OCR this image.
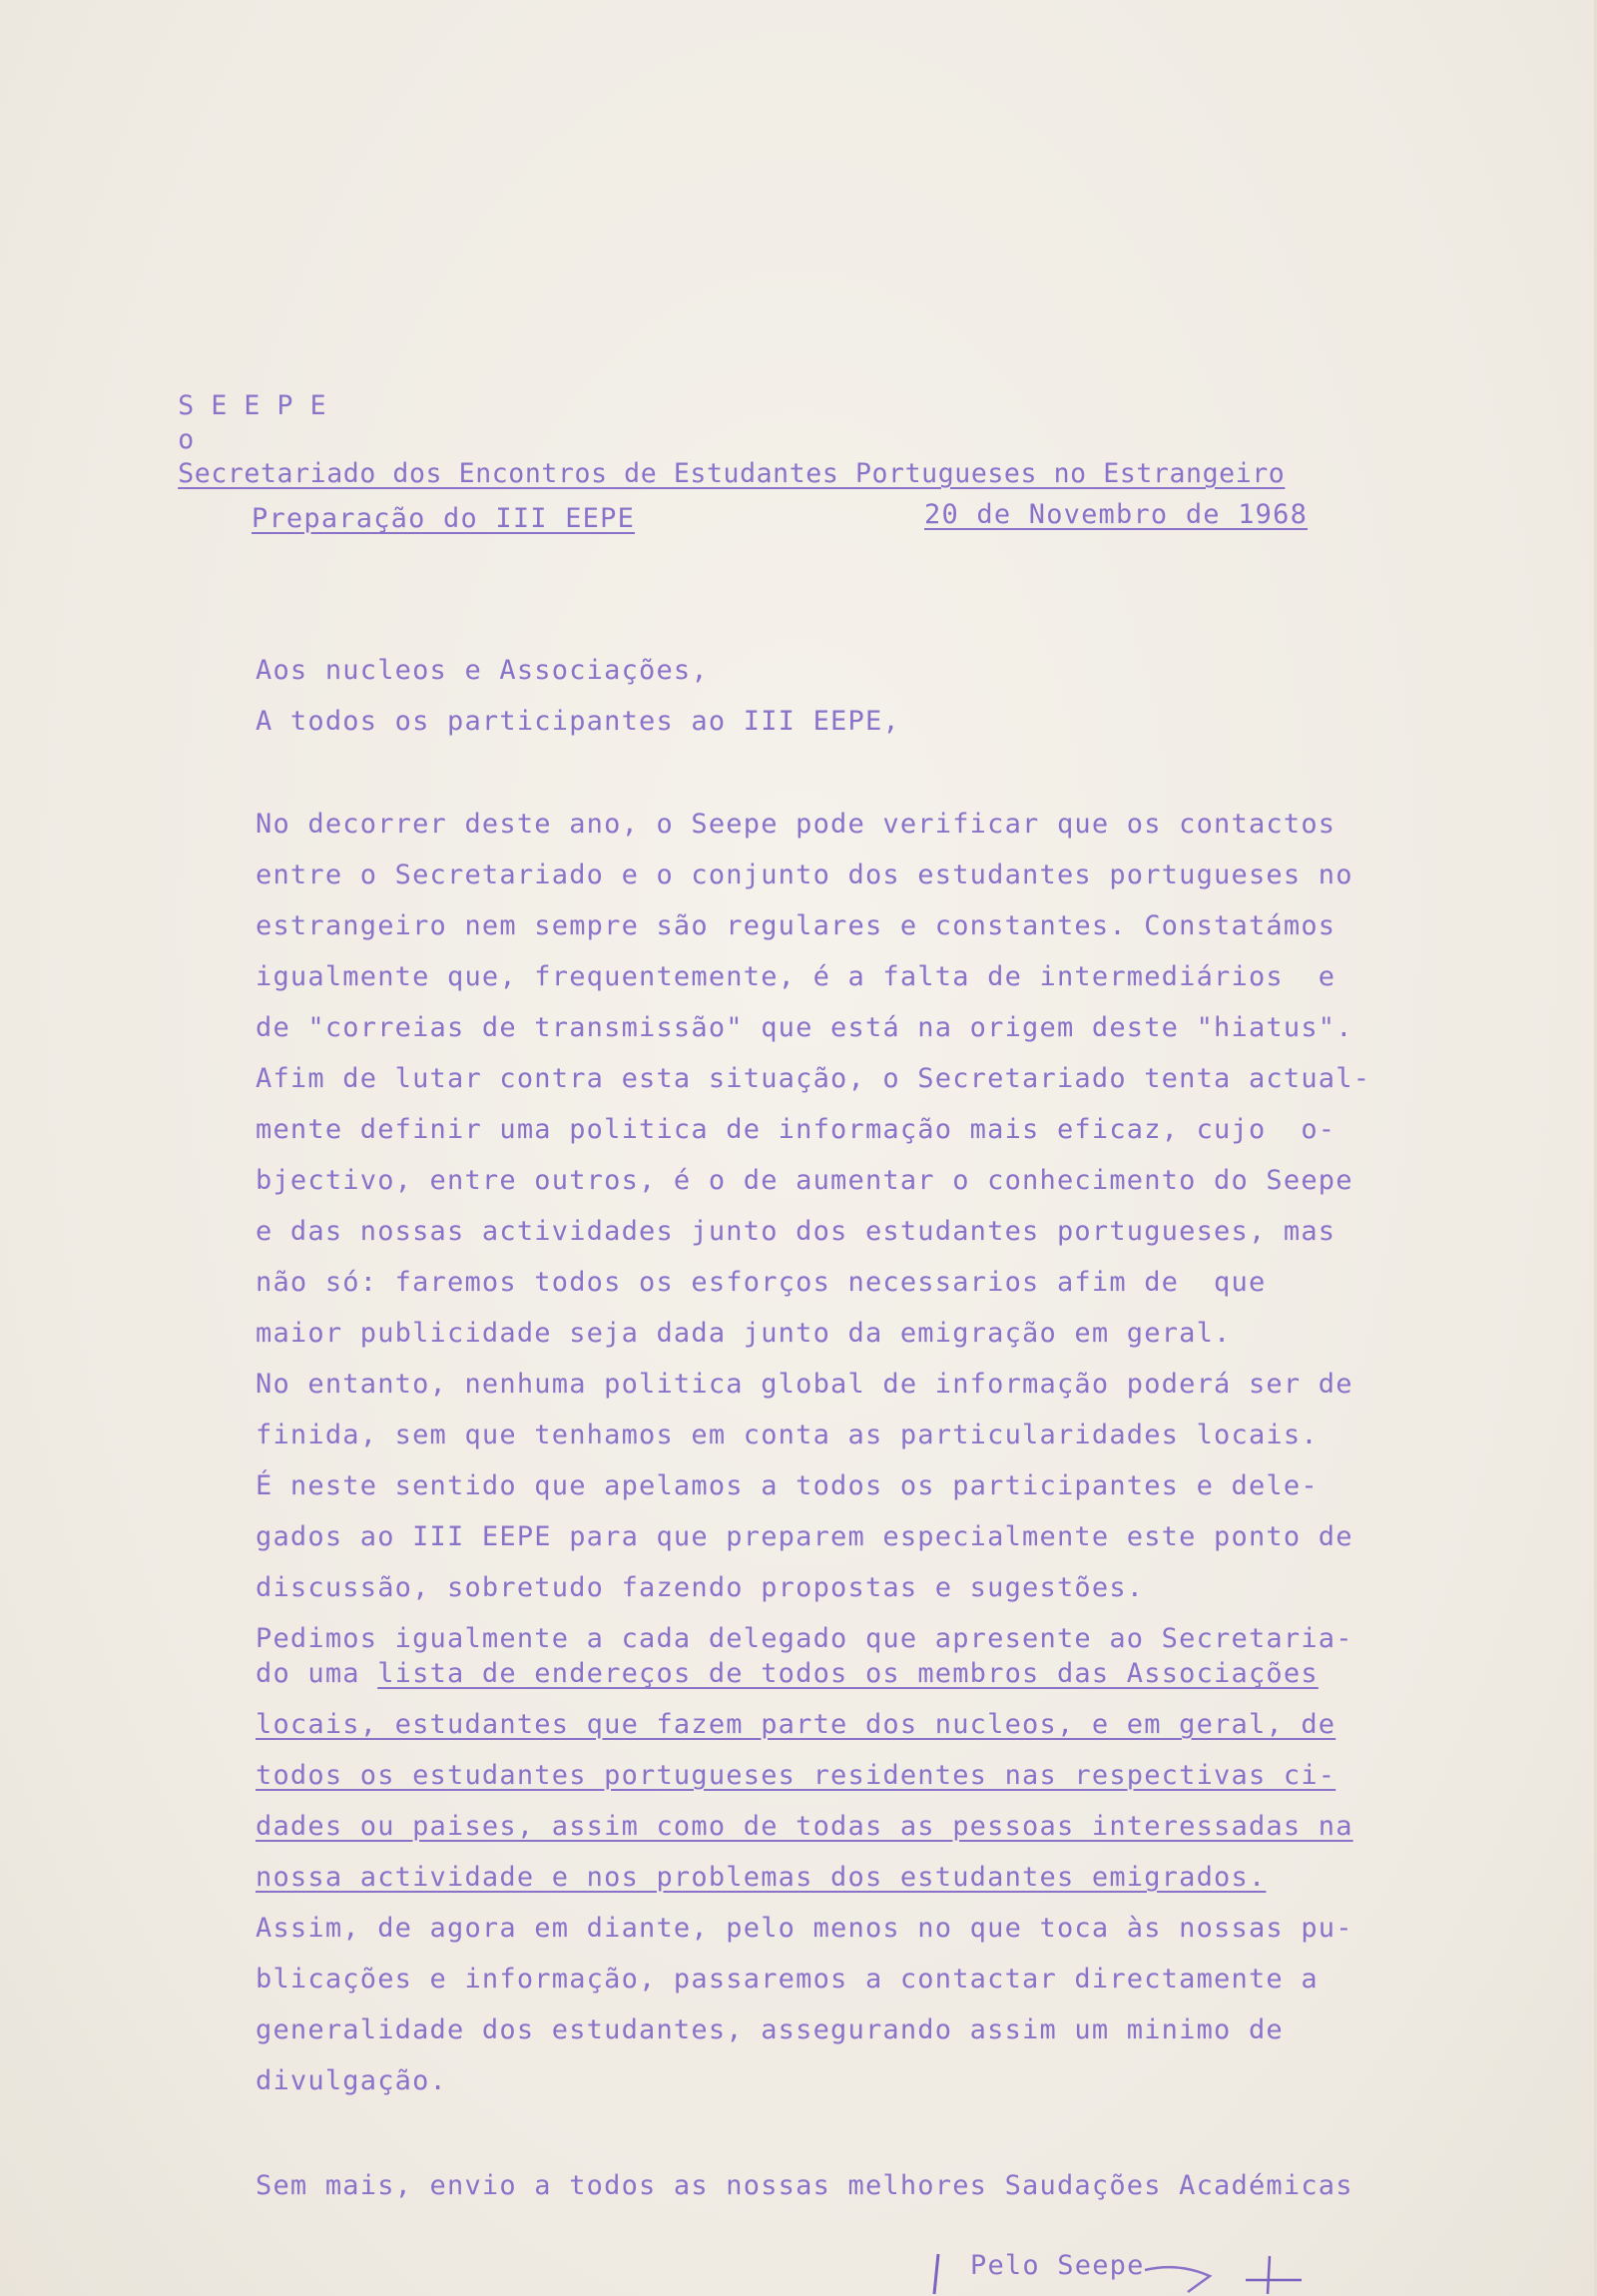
S E E P E
o
Secretariado dos Encontros de Estudantes Portugueses no Estrangeiro

Preparação do III EEPE	20 de Novembro de 1968
Aos nucleos e Associações,
A todos os participantes ao III EEPE,
No decorrer deste ano, o Seepe pode verificar que os contactos
entre o Secretariado e o conjunto dos estudantes portugueses no
estrangeiro nem sempre são regulares e constantes. Constatámos
igualmente que, frequentemente, é a falta de intermediários  e
de "correias de transmissão" que está na origem deste "hiatus".
Afim de lutar contra esta situação, o Secretariado tenta actual-
mente definir uma politica de informação mais eficaz, cujo  o-
bjectivo, entre outros, é o de aumentar o conhecimento do Seepe
e das nossas actividades junto dos estudantes portugueses, mas
não só: faremos todos os esforços necessarios afim de  que
maior publicidade seja dada junto da emigração em geral.
No entanto, nenhuma politica global de informação poderá ser de
finida, sem que tenhamos em conta as particularidades locais.
É neste sentido que apelamos a todos os participantes e dele-
gados ao III EEPE para que preparem especialmente este ponto de
discussão, sobretudo fazendo propostas e sugestões.
Pedimos igualmente a cada delegado que apresente ao Secretaria-
do uma lista de endereços de todos os membros das Associações
locais, estudantes que fazem parte dos nucleos, e em geral, de
todos os estudantes portugueses residentes nas respectivas ci-
dades ou paises, assim como de todas as pessoas interessadas na
nossa actividade e nos problemas dos estudantes emigrados.
Assim, de agora em diante, pelo menos no que toca às nossas pu-
blicações e informação, passaremos a contactar directamente a
generalidade dos estudantes, assegurando assim um minimo de
divulgação.
Sem mais, envio a todos as nossas melhores Saudações Académicas
Pelo Seepe
